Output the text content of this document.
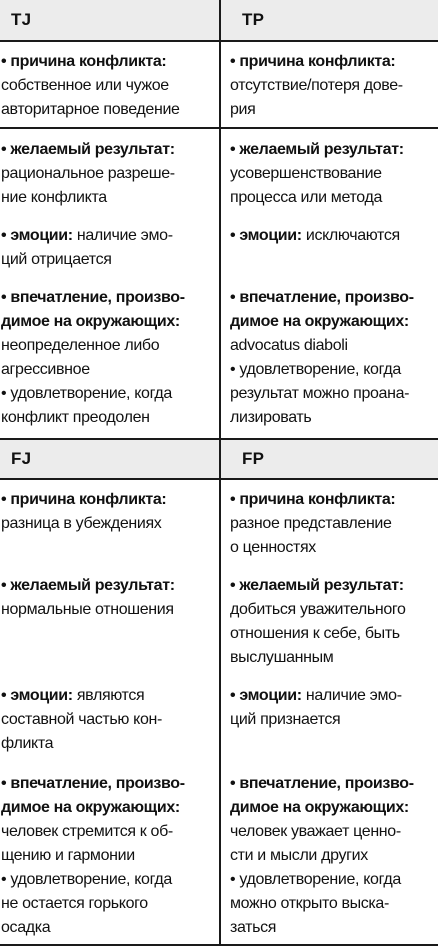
TJ	TP
FJ	FP
• причина конфликта:
собственное или чужое
авторитарное поведение
• желаемый результат:
рациональное разреше-
ние конфликта
• эмоции: наличие эмо-
ций отрицается
• впечатление, произво-
димое на окружающих:
неопределенное либо
агрессивное
• удовлетворение, когда
конфликт преодолен
• причина конфликта:
отсутствие/потеря дове-
рия
• желаемый результат:
усовершенствование
процесса или метода
• эмоции: исключаются
• впечатление, произво-
димое на окружающих:
advocatus diaboli
• удовлетворение, когда
результат можно проана-
лизировать
• причина конфликта:
разница в убеждениях
• желаемый результат:
нормальные отношения
• эмоции: являются
составной частью кон-
фликта
• впечатление, произво-
димое на окружающих:
человек стремится к об-
щению и гармонии
• удовлетворение, когда
не остается горького
осадка
• причина конфликта:
разное представление
о ценностях
• желаемый результат:
добиться уважительного
отношения к себе, быть
выслушанным
• эмоции: наличие эмо-
ций признается
• впечатление, произво-
димое на окружающих:
человек уважает ценно-
сти и мысли других
• удовлетворение, когда
можно открыто выска-
заться
